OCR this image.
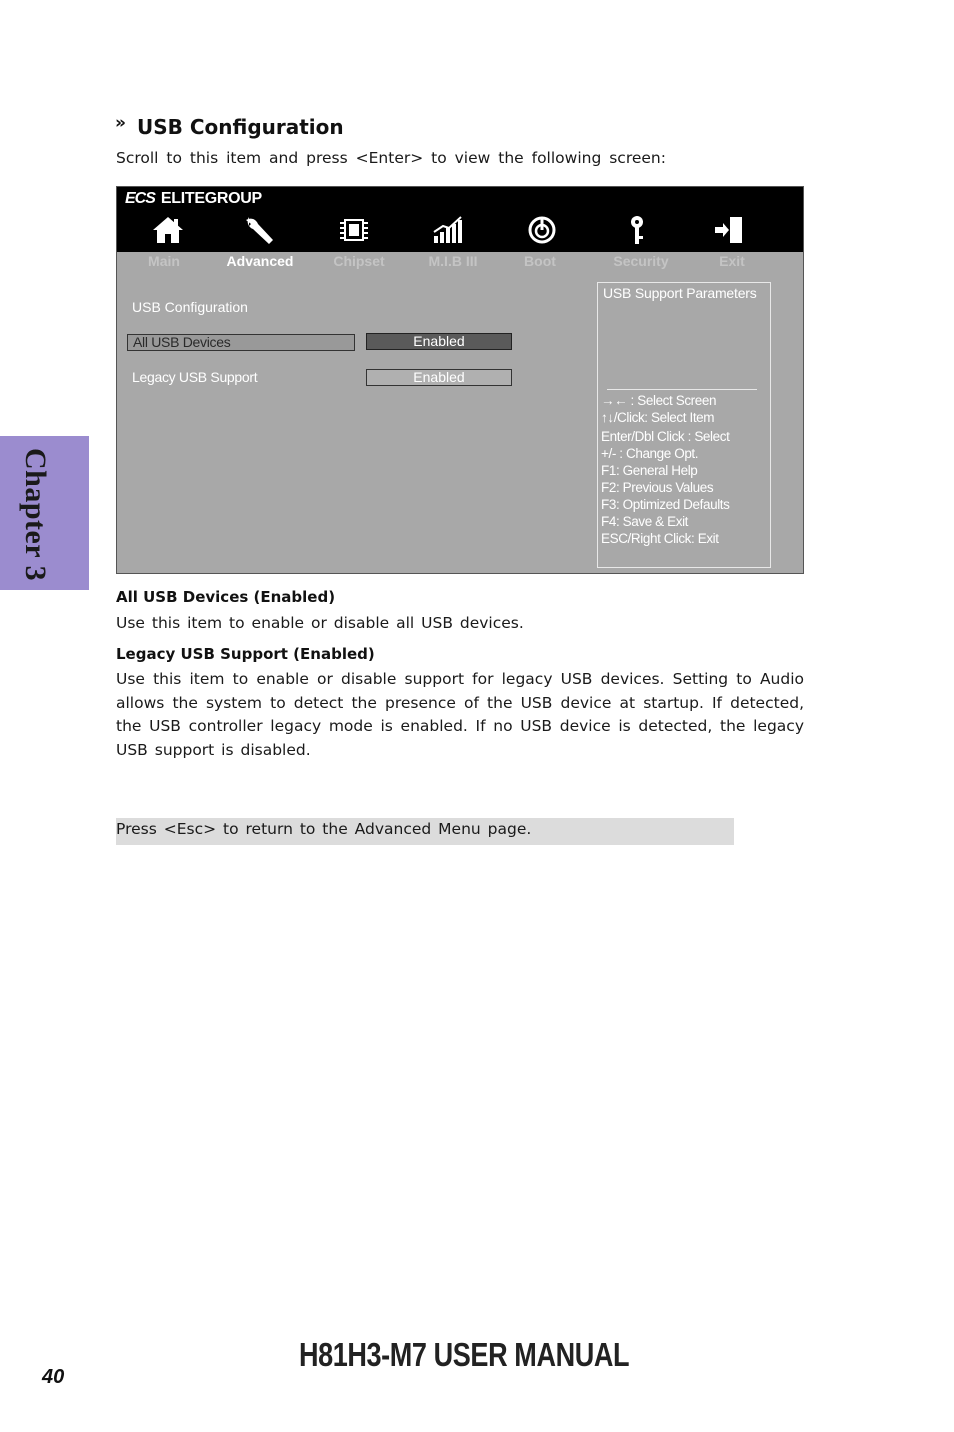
» USB Configuration
Scroll to this item and press <Enter> to view the following screen:
ECS ELITEGROUP
Main	Advanced	Chipset	M.I.B III	Boot	Security	Exit
USB Configuration
All USB Devices	Enabled
Legacy USB Support	Enabled
USB Support Parameters
→← : Select Screen
↑↓/Click: Select Item
Enter/Dbl Click : Select
+/- : Change Opt.
F1: General Help
F2: Previous Values
F3: Optimized Defaults
F4: Save & Exit
ESC/Right Click: Exit
All USB Devices (Enabled)
Use this item to enable or disable all USB devices.
Legacy USB Support (Enabled)
Use this item to enable or disable support for legacy USB devices. Setting to Audio allows the system to detect the presence of the USB device at startup. If detected, the USB controller legacy mode is enabled. If no USB device is detected, the legacy USB support is disabled.
Press <Esc> to return to the Advanced Menu page.
Chapter 3
40
H81H3-M7 USER MANUAL
